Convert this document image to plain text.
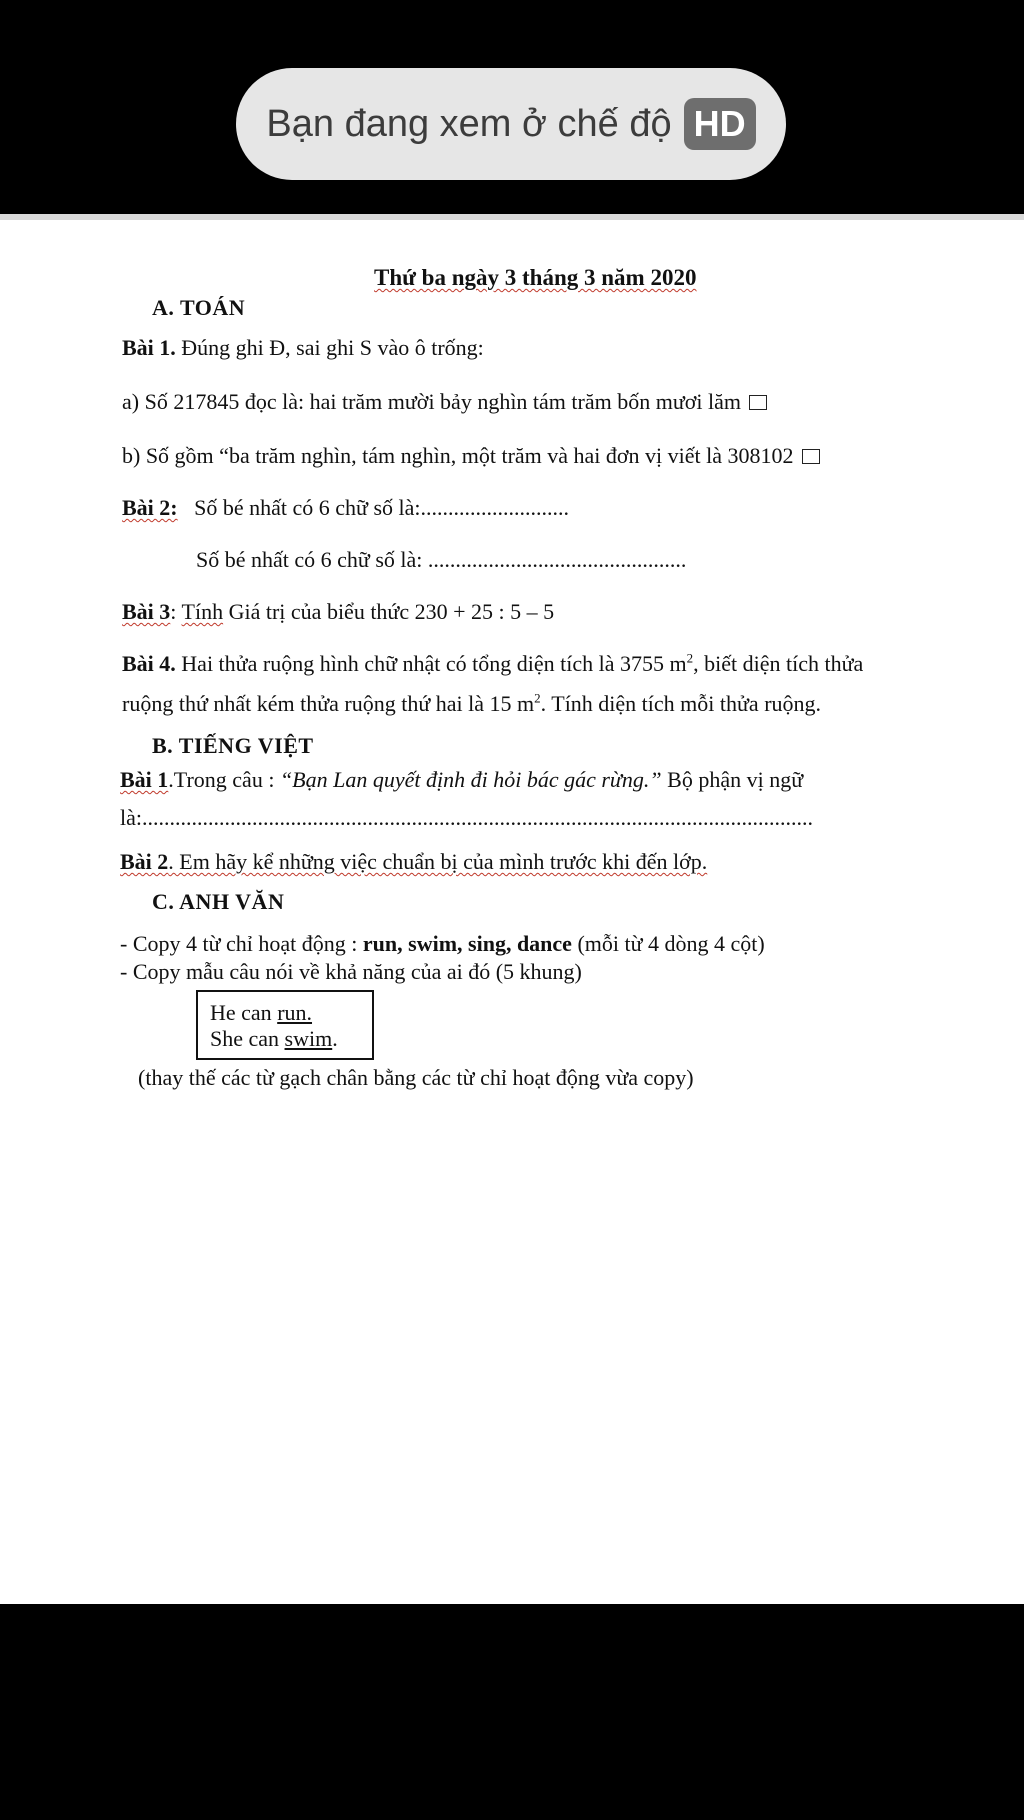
Bạn đang xem ở chế độ HD
Thứ ba ngày 3 tháng 3 năm 2020
A. TOÁN
Bài 1. Đúng ghi Đ, sai ghi S vào ô trống:
a) Số 217845 đọc là: hai trăm mười bảy nghìn tám trăm bốn mươi lăm
b) Số gồm “ba trăm nghìn, tám nghìn, một trăm và hai đơn vị viết là 308102
Bài 2: Số bé nhất có 6 chữ số là:...........................
Số bé nhất có 6 chữ số là: ...............................................
Bài 3: Tính Giá trị của biểu thức 230 + 25 : 5 – 5
Bài 4. Hai thửa ruộng hình chữ nhật có tổng diện tích là 3755 $m^2$, biết diện tích thửa
ruộng thứ nhất kém thửa ruộng thứ hai là 15 $m^2$. Tính diện tích mỗi thửa ruộng.
B. TIẾNG VIỆT
Bài 1.Trong câu : “Bạn Lan quyết định đi hỏi bác gác rừng.” Bộ phận vị ngữ
là:..........................................................................................................................
Bài 2. Em hãy kể những việc chuẩn bị của mình trước khi đến lớp.
C. ANH VĂN
- Copy 4 từ chỉ hoạt động : run, swim, sing, dance (mỗi từ 4 dòng 4 cột)
- Copy mẫu câu nói về khả năng của ai đó (5 khung)
He can run.
She can swim.
(thay thế các từ gạch chân bằng các từ chỉ hoạt động vừa copy)
